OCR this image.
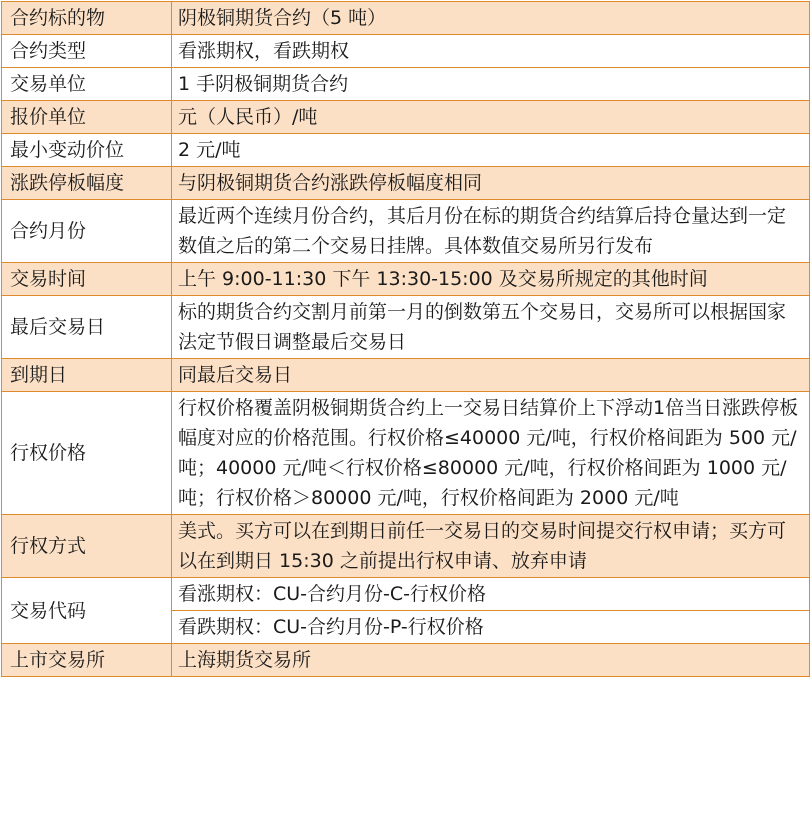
合约标的物	阴极铜期货合约（5 吨）
合约类型	看涨期权，看跌期权
交易单位	1 手阴极铜期货合约
报价单位	元（人民币）/吨
最小变动价位	2 元/吨
涨跌停板幅度	与阴极铜期货合约涨跌停板幅度相同
合约月份	最近两个连续月份合约，其后月份在标的期货合约结算后持仓量达到一定数值之后的第二个交易日挂牌。具体数值交易所另行发布
交易时间	上午 9:00-11:30 下午 13:30-15:00 及交易所规定的其他时间
最后交易日	标的期货合约交割月前第一月的倒数第五个交易日，交易所可以根据国家法定节假日调整最后交易日
到期日	同最后交易日
行权价格	行权价格覆盖阴极铜期货合约上一交易日结算价上下浮动1倍当日涨跌停板幅度对应的价格范围。行权价格≤40000 元/吨，行权价格间距为 500 元/吨；40000 元/吨＜行权价格≤80000 元/吨，行权价格间距为 1000 元/吨；行权价格＞80000 元/吨，行权价格间距为 2000 元/吨
行权方式	美式。买方可以在到期日前任一交易日的交易时间提交行权申请；买方可以在到期日 15:30 之前提出行权申请、放弃申请
交易代码	看涨期权：CU-合约月份-C-行权价格
	看跌期权：CU-合约月份-P-行权价格
上市交易所	上海期货交易所
